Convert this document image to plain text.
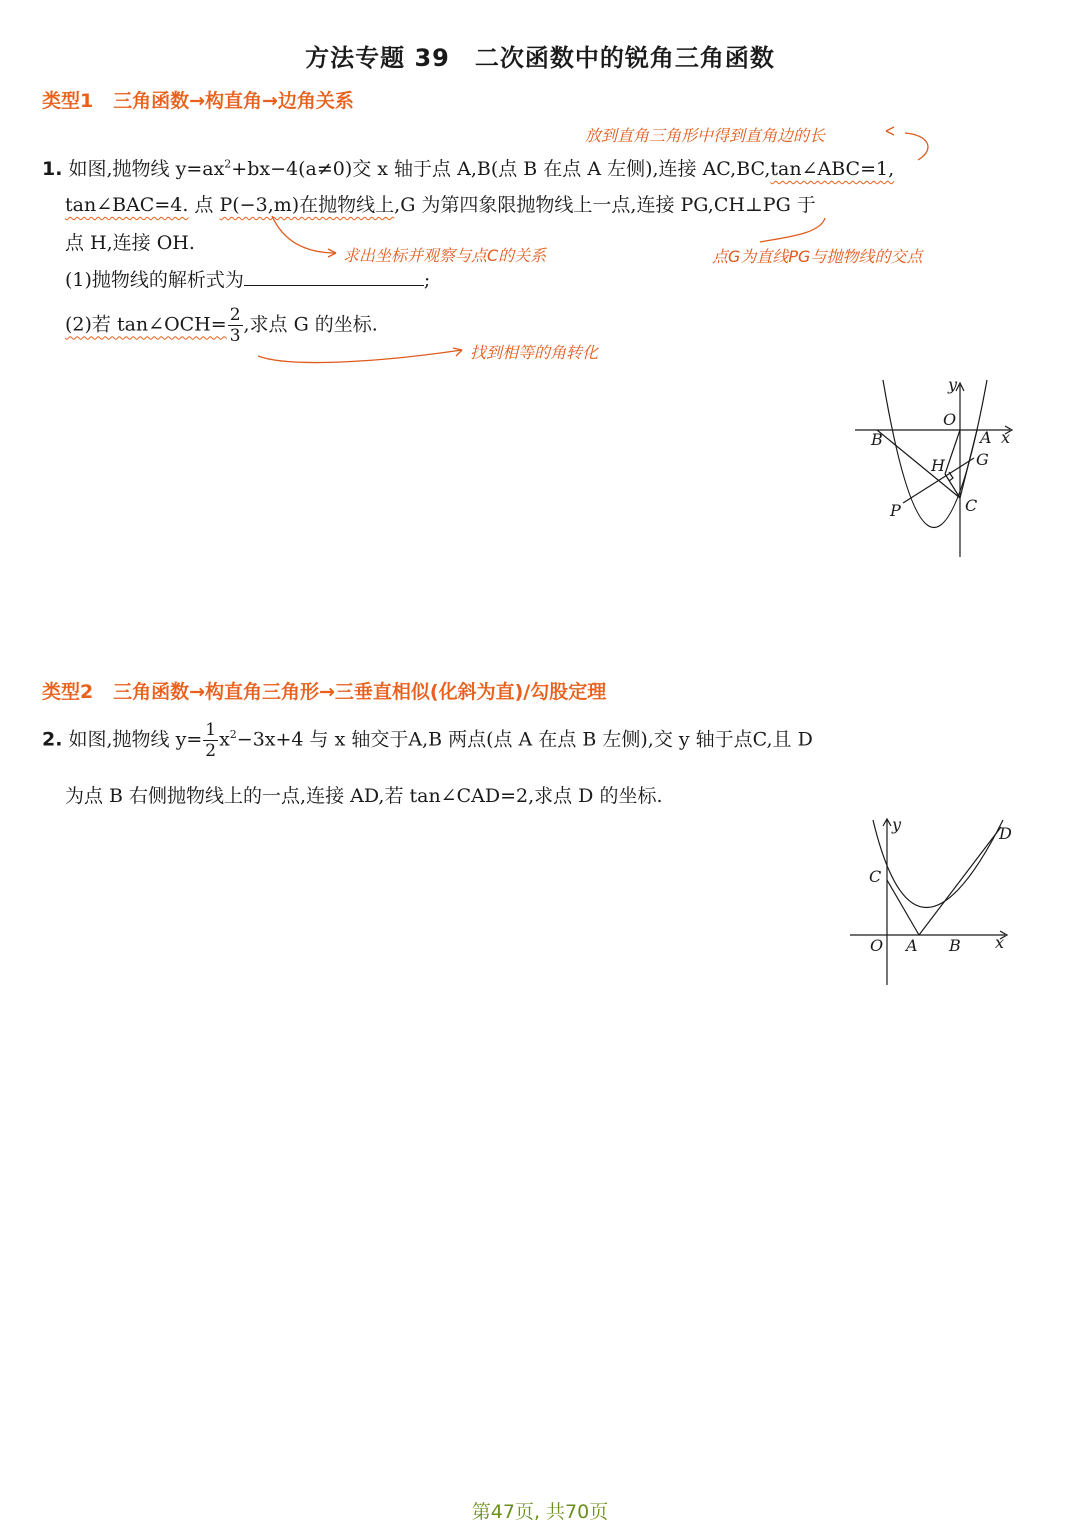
方法专题 39　二次函数中的锐角三角函数
类型1 三角函数→构直角→边角关系
放到直角三角形中得到直角边的长
求出坐标并观察与点C的关系	点G为直线PG与抛物线的交点
找到相等的角转化
1. 如图,抛物线 $y=ax^2+bx-4(a\ne 0)$交 x 轴于点 A,B(点 B 在点 A 左侧),连接 AC,BC,tan∠ABC=1,
tan∠BAC=4. 点 P(−3,m)在抛物线上,G 为第四象限抛物线上一点,连接 PG,CH⊥PG 于
点 H,连接 OH.
(1)抛物线的解析式为	;
(2)若 tan∠OCH= $\frac{2}{3}$ ,求点 G 的坐标.
y
O
B	A x
H G
C
P
类型2 三角函数→构直角三角形→三垂直相似(化斜为直)/勾股定理
2. 如图,抛物线 $y= \frac{1}{2} x^2-3x+4$ 与 x 轴交于A,B 两点(点 A 在点 B 左侧),交 y 轴于点C,且 D
为点 B 右侧抛物线上的一点,连接 AD,若 tan∠CAD=2,求点 D 的坐标.
y	D
C
O A B x
第47页, 共70页
